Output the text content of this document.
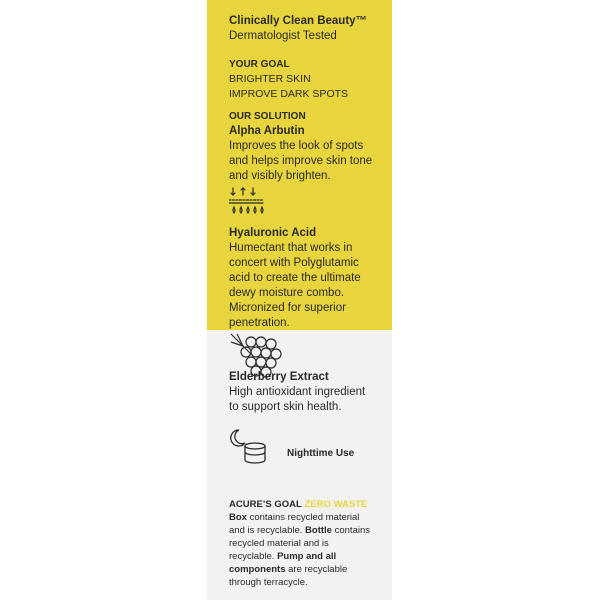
Clinically Clean Beauty™
Dermatologist Tested
YOUR GOAL
BRIGHTER SKIN
IMPROVE DARK SPOTS
OUR SOLUTION
Alpha Arbutin
Improves the look of spots
and helps improve skin tone
and visibly brighten.
Hyaluronic Acid
Humectant that works in
concert with Polyglutamic
acid to create the ultimate
dewy moisture combo.
Micronized for superior
penetration.
Elderberry Extract
High antioxidant ingredient
to support skin health.
Nighttime Use
ACURE’S GOAL ZERO WASTE
Box contains recycled material
and is recyclable. Bottle contains
recycled material and is
recyclable. Pump and all
components are recyclable
through terracycle.
